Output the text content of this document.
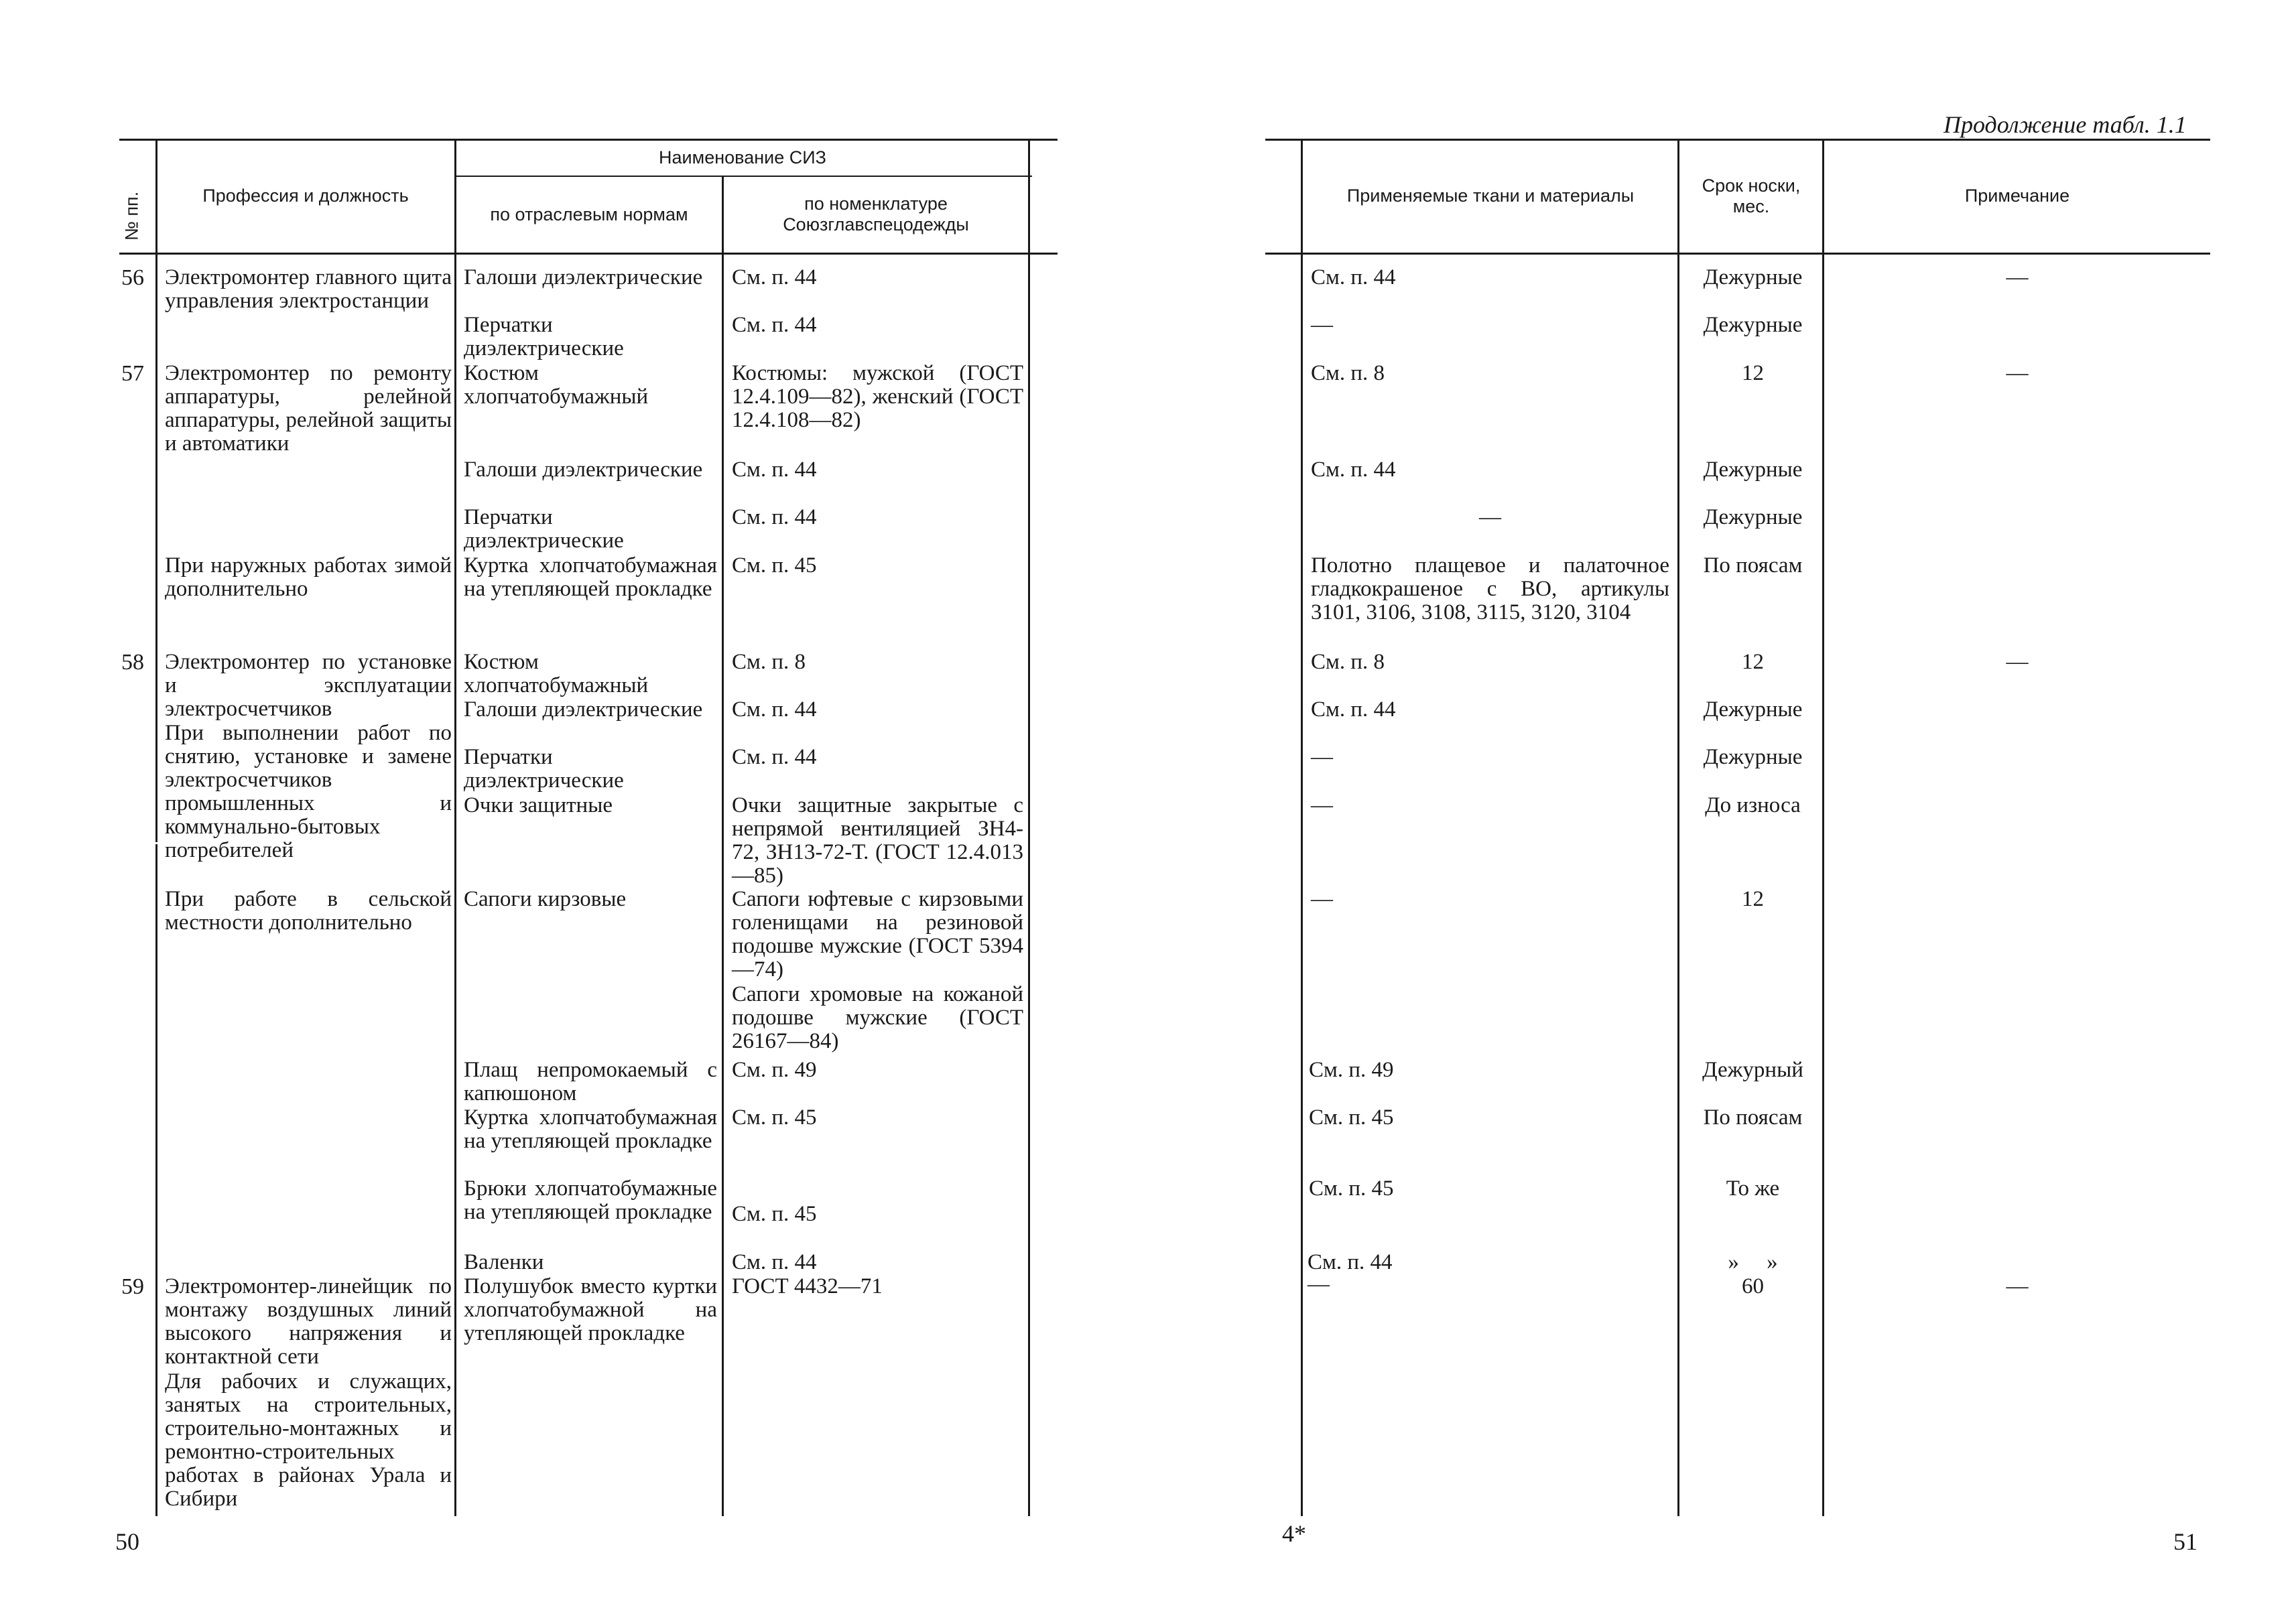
№ пп.	Профессия и должность
Наименование СИЗ
по отраслевым нормам
по номенклатуре Союзглавспецодежды
56
57
58
59
Электромонтер главного щита управления электростанции
Электромонтер по ремонту аппаратуры, релейной аппаратуры, релейной защиты и автоматики
При наружных работах зимой дополнительно
Электромонтер по установке и эксплуатации электросчетчиков
При выполнении работ по снятию, установке и замене электросчетчиков промышленных и коммунально-бытовых потребителей
При работе в сельской местности дополнительно
Электромонтер-линейщик по монтажу воздушных линий высокого напряжения и контактной сети
Для рабочих и служащих, занятых на строительных, строительно-монтажных и ремонтно-строительных работах в районах Урала и Сибири
Галоши диэлектрические
Перчатки диэлектрические
Костюм хлопчатобумажный
Галоши диэлектрические
Перчатки диэлектрические
Куртка хлопчатобумажная на утепляющей прокладке
Костюм хлопчатобумажный
Галоши диэлектрические
Перчатки диэлектрические
Очки защитные
Сапоги кирзовые
Плащ непромокаемый с капюшоном
Куртка хлопчатобумажная на утепляющей прокладке
Брюки хлопчатобумажные на утепляющей прокладке
Валенки
Полушубок вместо куртки хлопчатобумажной на утепляющей прокладке
См. п. 44
См. п. 44
Костюмы: мужской (ГОСТ 12.4.109—82), женский (ГОСТ 12.4.108—82)
См. п. 44
См. п. 44
См. п. 45
См. п. 8
См. п. 44
См. п. 44
Очки защитные закрытые с непрямой вентиляцией ЗН4-72, ЗН13-72-Т. (ГОСТ 12.4.013—85)
Сапоги юфтевые с кирзовыми голенищами на резиновой подошве мужские (ГОСТ 5394—74)
Сапоги хромовые на кожаной подошве мужские (ГОСТ 26167—84)
См. п. 49
См. п. 45
См. п. 45
См. п. 44
ГОСТ 4432—71
50
Продолжение табл. 1.1
Применяемые ткани и материалы
Срок носки, мес.
Примечание
См. п. 44
—
См. п. 8
См. п. 44
—
Полотно плащевое и палаточное гладкокрашеное с ВО, артикулы 3101, 3106, 3108, 3115, 3120, 3104
См. п. 8
См. п. 44
—
—
—
См. п. 49
См. п. 45
См. п. 45
См. п. 44
—
Дежурные
Дежурные
12
Дежурные
Дежурные
По поясам
12
Дежурные
Дежурные
До износа
12
Дежурный
По поясам
То же
»     »
60
—
—
—
—
4*	51
